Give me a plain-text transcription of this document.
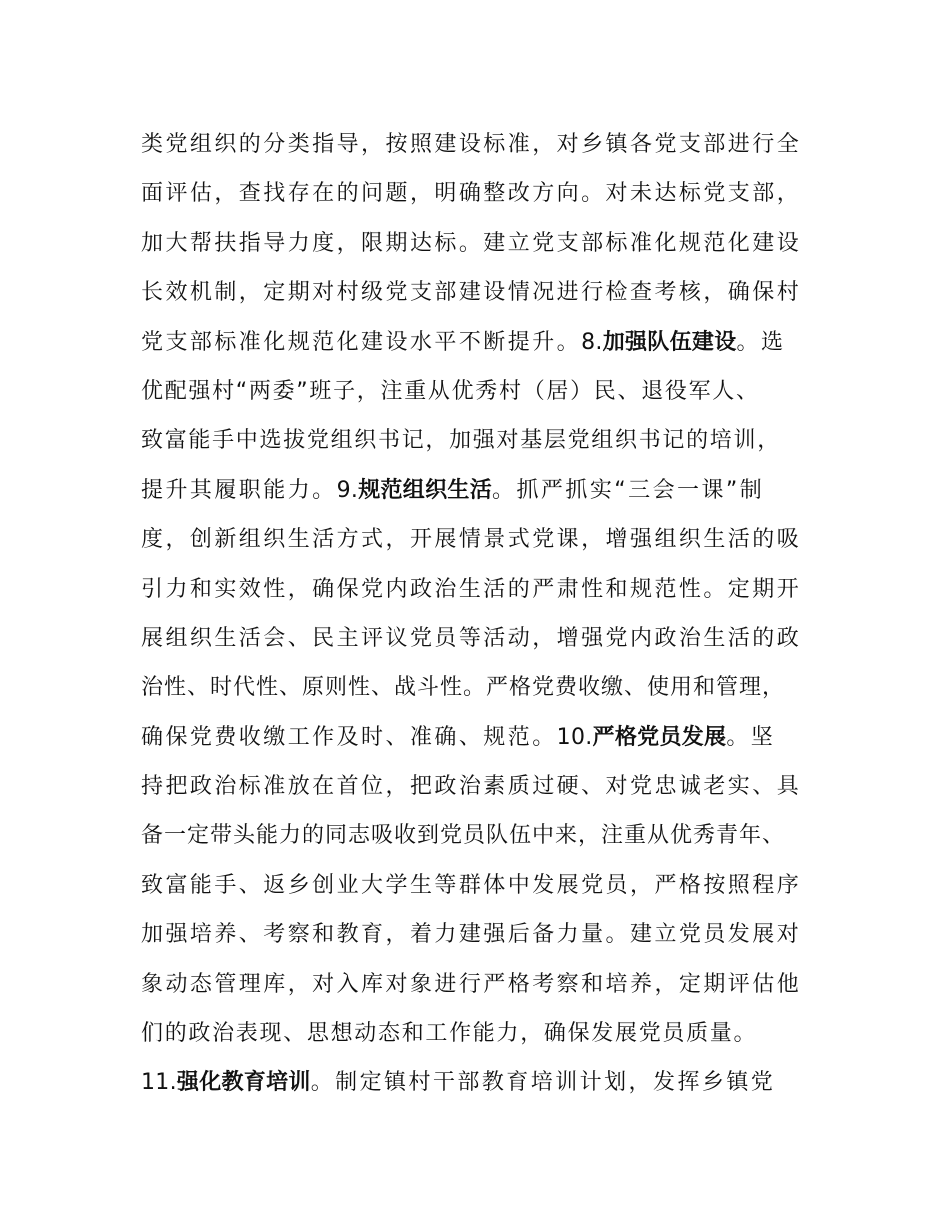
类党组织的分类指导，按照建设标准，对乡镇各党支部进行全
面评估，查找存在的问题，明确整改方向。对未达标党支部，
加大帮扶指导力度，限期达标。建立党支部标准化规范化建设
长效机制，定期对村级党支部建设情况进行检查考核，确保村
党支部标准化规范化建设水平不断提升。8.加强队伍建设。选
优配强村“两委”班子，注重从优秀村（居）民、退役军人、
致富能手中选拔党组织书记，加强对基层党组织书记的培训，
提升其履职能力。9.规范组织生活。抓严抓实“三会一课”制
度，创新组织生活方式，开展情景式党课，增强组织生活的吸
引力和实效性，确保党内政治生活的严肃性和规范性。定期开
展组织生活会、民主评议党员等活动，增强党内政治生活的政
治性、时代性、原则性、战斗性。严格党费收缴、使用和管理，
确保党费收缴工作及时、准确、规范。10.严格党员发展。坚
持把政治标准放在首位，把政治素质过硬、对党忠诚老实、具
备一定带头能力的同志吸收到党员队伍中来，注重从优秀青年、
致富能手、返乡创业大学生等群体中发展党员，严格按照程序
加强培养、考察和教育，着力建强后备力量。建立党员发展对
象动态管理库，对入库对象进行严格考察和培养，定期评估他
们的政治表现、思想动态和工作能力，确保发展党员质量。
11.强化教育培训。制定镇村干部教育培训计划，发挥乡镇党
